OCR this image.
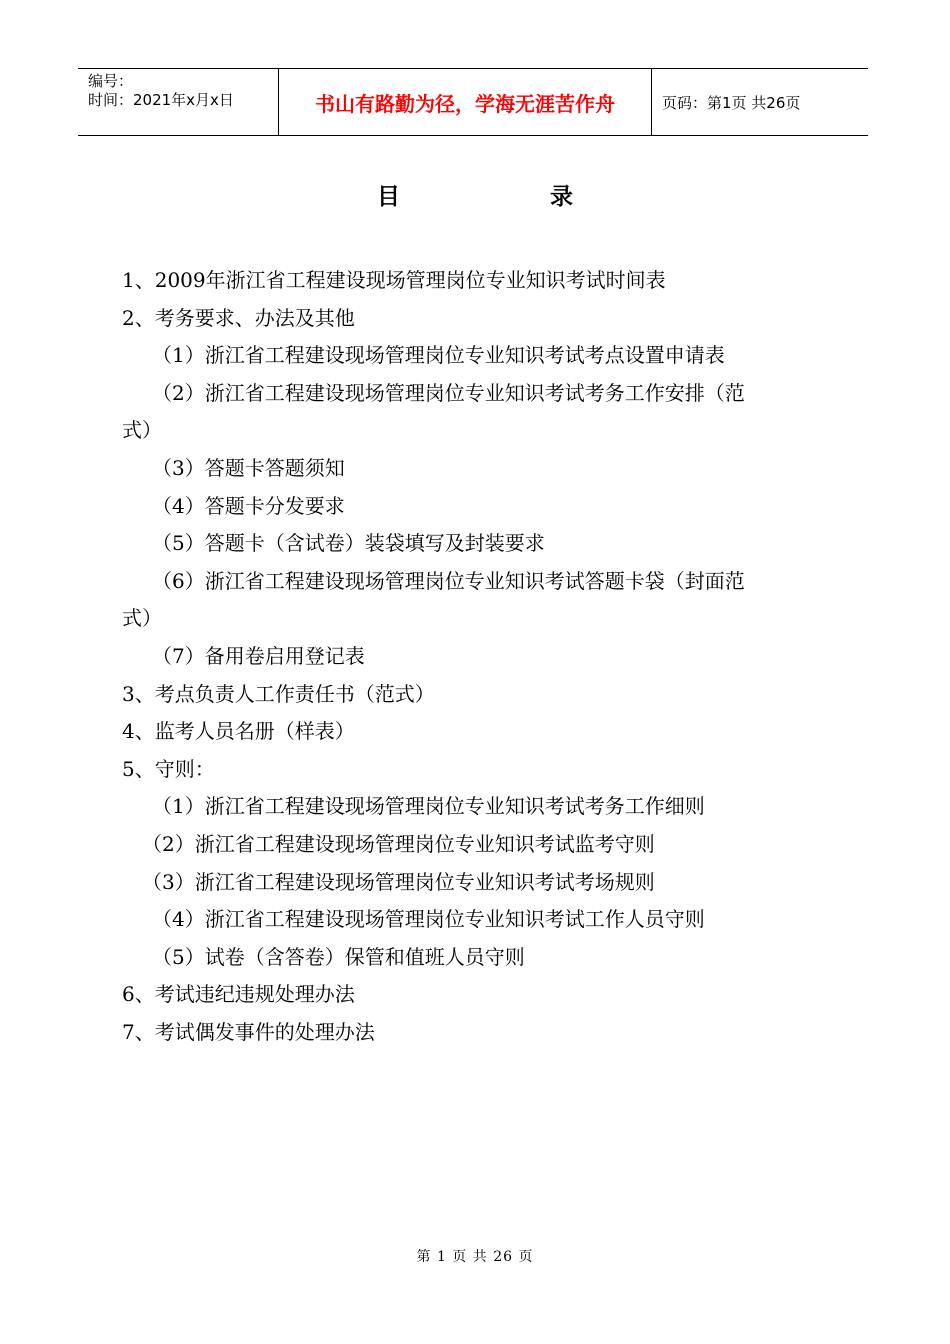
编号：
时间：2021年x月x日	书山有路勤为径，学海无涯苦作舟	页码：第1页 共26页
目录
1、2009年浙江省工程建设现场管理岗位专业知识考试时间表
2、考务要求、办法及其他
（1）浙江省工程建设现场管理岗位专业知识考试考点设置申请表
（2）浙江省工程建设现场管理岗位专业知识考试考务工作安排（范
式）
（3）答题卡答题须知
（4）答题卡分发要求
（5）答题卡（含试卷）装袋填写及封装要求
（6）浙江省工程建设现场管理岗位专业知识考试答题卡袋（封面范
式）
（7）备用卷启用登记表
3、考点负责人工作责任书（范式）
4、监考人员名册（样表）
5、守则：
（1）浙江省工程建设现场管理岗位专业知识考试考务工作细则
（2）浙江省工程建设现场管理岗位专业知识考试监考守则
（3）浙江省工程建设现场管理岗位专业知识考试考场规则
（4）浙江省工程建设现场管理岗位专业知识考试工作人员守则
（5）试卷（含答卷）保管和值班人员守则
6、考试违纪违规处理办法
7、考试偶发事件的处理办法
第 1 页 共 26 页
